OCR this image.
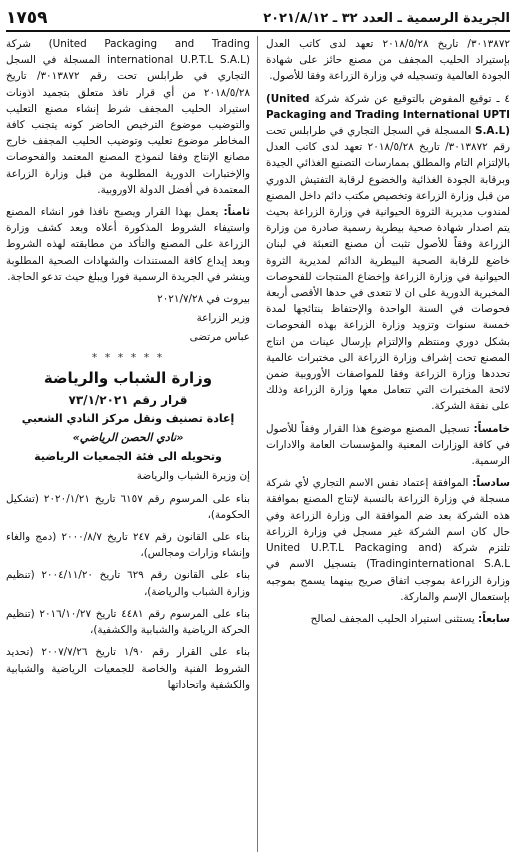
الجريدة الرسمية ـ العدد ٣٢ ـ ٢٠٢١/٨/١٢
١٧٥٩

٣٠١٣٨٧٢/ تاريخ ٢٠١٨/٥/٢٨ تعهد لدى كاتب العدل بإستيراد الحليب المجفف من مصنع حائز على شهادة الجودة العالمية وتسجيله في وزارة الزراعة وفقا للأصول.

٤ ـ توقيع المفوض بالتوقيع عن شركة شركة (United Packaging and Trading International UPTI S.A.L) المسجلة في السجل التجاري في طرابلس تحت رقم ٣٠١٣٨٧٢/ تاريخ ٢٠١٨/٥/٢٨ تعهد لدى كاتب العدل بالإلتزام التام والمطلق بممارسات التصنيع الغذائي الجيدة وبرقابة الجودة الغذائية والخضوع لرقابة التفتيش الدوري من قبل وزارة الزراعة وتخصيص مكتب دائم داخل المصنع لمندوب مديرية الثروة الحيوانية في وزارة الزراعة بحيث يتم اصدار شهادة صحية بيطرية رسمية صادرة من وزارة الزراعة وفقاً للأصول تثبت أن مصنع التعبئة في لبنان خاضع للرقابة الصحية البيطرية الدائم لمديرية الثروة الحيوانية في وزارة الزراعة وإخضاع المنتجات للفحوصات المخبرية الدورية على ان لا تتعدى في حدها الأقصى أربعة فحوصات في السنة الواحدة والإحتفاظ بنتائجها لمدة خمسة سنوات وتزويد وزارة الزراعة بهذه الفحوصات بشكل دوري ومنتظم والإلتزام بإرسال عينات من انتاج المصنع تحت إشراف وزارة الزراعة الى مختبرات عالمية تحددها وزارة الزراعة وفقا للمواصفات الأوروبية ضمن لائحة المختبرات التي تتعامل معها وزارة الزراعة وذلك على نفقة الشركة.

خامساً: تسجيل المصنع موضوع هذا القرار وفقاً للأصول في كافة الوزارات المعنية والمؤسسات العامة والادارات الرسمية.

سادساً: الموافقة إعتماد نفس الاسم التجاري لأي شركة مسجلة في وزارة الزراعة بالنسبة لإنتاج المصنع بموافقة هذه الشركة بعد ضم الموافقة الى وزارة الزراعة وفي حال كان اسم الشركة غير مسجل في وزارة الزراعة تلتزم شركة (United U.P.T.L Packaging and Tradinginternational S.A.L) بتسجيل الاسم في وزارة الزراعة بموجب اتفاق صريح بينهما يسمح بموجبه بإستعمال الإسم والماركة.

سابعاً: يستثنى استيراد الحليب المجفف لصالح

شركة (United Packaging and Trading international U.P.T.L S.A.L) المسجلة في السجل التجاري في طرابلس تحت رقم ٣٠١٣٨٧٢/ تاريخ ٢٠١٨/٥/٢٨ من أي قرار نافذ متعلق بتجميد اذونات استيراد الحليب المجفف شرط إنشاء مصنع التعليب والتوضيب موضوع الترخيص الحاضر كونه يتجنب كافة المخاطر موضوع تعليب وتوضيب الحليب المجفف خارج مصانع الإنتاج وفقا لنموذج المصنع المعتمد والفحوصات والإختبارات الدورية المطلوبة من قبل وزارة الزراعة المعتمدة في أفضل الدولة الاوروبية.

ثامناً: يعمل بهذا القرار ويصبح نافذا فور انشاء المصنع واستيفاء الشروط المذكورة أعلاه وبعد كشف وزارة الزراعة على المصنع والتأكد من مطابقته لهذه الشروط وبعد إيداع كافة المستندات والشهادات الصحية المطلوبة وينشر في الجريدة الرسمية فورا ويبلغ حيث تدعو الحاجة.

بيروت في ٢٠٢١/٧/٢٨

وزير الزراعة

عباس مرتضى

* * * * * *
وزارة الشباب والرياضة
قرار رقم ٧٣/١/٢٠٢١
إعادة تصنيف ونقل مركز النادي الشعبي
«نادي الحصن الرياضي»
وتحويله الى فئة الجمعيات الرياضية

إن وزيرة الشباب والرياضة

بناء على المرسوم رقم ٦١٥٧ تاريخ ٢٠٢٠/١/٢١ (تشكيل الحكومة)،

بناء على القانون رقم ٢٤٧ تاريخ ٢٠٠٠/٨/٧ (دمج والغاء وإنشاء وزارات ومجالس)،

بناء على القانون رقم ٦٢٩ تاريخ ٢٠٠٤/١١/٢٠ (تنظيم وزارة الشباب والرياضة)،

بناء على المرسوم رقم ٤٤٨١ تاريخ ٢٠١٦/١٠/٢٧ (تنظيم الحركة الرياضية والشبابية والكشفية)،

بناء على القرار رقم ١/٩٠ تاريخ ٢٠٠٧/٧/٢٦ (تحديد الشروط الفنية والخاصة للجمعيات الرياضية والشبابية والكشفية واتحاداتها
